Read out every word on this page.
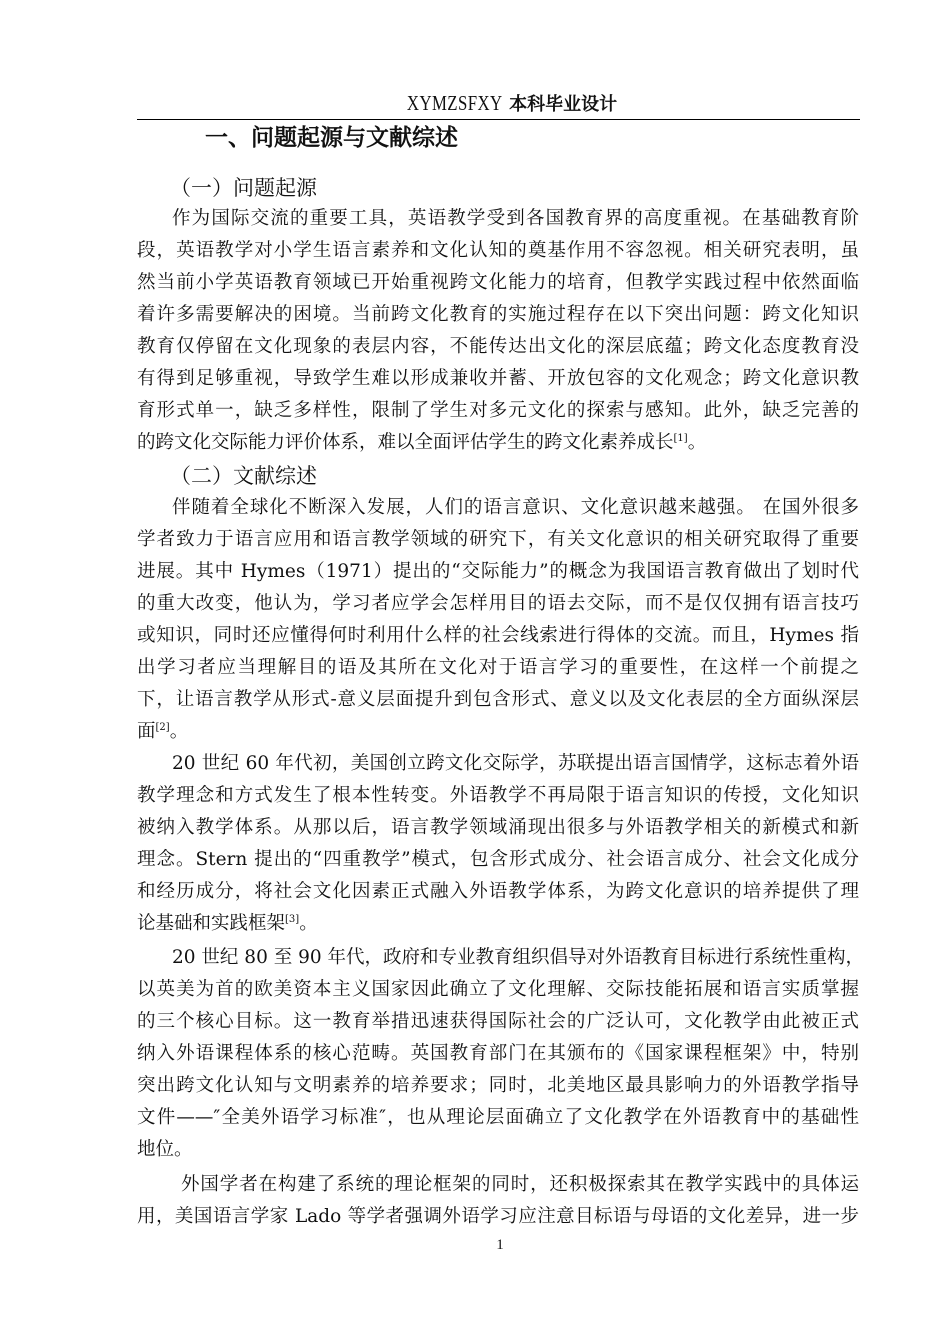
XYMZSFXY 本科毕业设计
一、问题起源与文献综述
（一）问题起源
作为国际交流的重要工具，英语教学受到各国教育界的高度重视。在基础教育阶
段，英语教学对小学生语言素养和文化认知的奠基作用不容忽视。相关研究表明，虽
然当前小学英语教育领域已开始重视跨文化能力的培育，但教学实践过程中依然面临
着许多需要解决的困境。当前跨文化教育的实施过程存在以下突出问题：跨文化知识
教育仅停留在文化现象的表层内容，不能传达出文化的深层底蕴；跨文化态度教育没
有得到足够重视，导致学生难以形成兼收并蓄、开放包容的文化观念；跨文化意识教
育形式单一，缺乏多样性，限制了学生对多元文化的探索与感知。此外，缺乏完善的
的跨文化交际能力评价体系，难以全面评估学生的跨文化素养成长[1]。
（二）文献综述
伴随着全球化不断深入发展，人们的语言意识、文化意识越来越强。 在国外很多
学者致力于语言应用和语言教学领域的研究下，有关文化意识的相关研究取得了重要
进展。其中 Hymes（1971）提出的“交际能力”的概念为我国语言教育做出了划时代
的重大改变，他认为，学习者应学会怎样用目的语去交际，而不是仅仅拥有语言技巧
或知识，同时还应懂得何时利用什么样的社会线索进行得体的交流。而且，Hymes 指
出学习者应当理解目的语及其所在文化对于语言学习的重要性，在这样一个前提之
下，让语言教学从形式-意义层面提升到包含形式、意义以及文化表层的全方面纵深层
面[2]。
20 世纪 60 年代初，美国创立跨文化交际学，苏联提出语言国情学，这标志着外语
教学理念和方式发生了根本性转变。外语教学不再局限于语言知识的传授，文化知识
被纳入教学体系。从那以后，语言教学领域涌现出很多与外语教学相关的新模式和新
理念。Stern 提出的“四重教学”模式，包含形式成分、社会语言成分、社会文化成分
和经历成分，将社会文化因素正式融入外语教学体系，为跨文化意识的培养提供了理
论基础和实践框架[3]。
20 世纪 80 至 90 年代，政府和专业教育组织倡导对外语教育目标进行系统性重构，
以英美为首的欧美资本主义国家因此确立了文化理解、交际技能拓展和语言实质掌握
的三个核心目标。这一教育举措迅速获得国际社会的广泛认可，文化教学由此被正式
纳入外语课程体系的核心范畴。英国教育部门在其颁布的《国家课程框架》中，特别
突出跨文化认知与文明素养的培养要求；同时，北美地区最具影响力的外语教学指导
文件——″全美外语学习标准″，也从理论层面确立了文化教学在外语教育中的基础性
地位。
外国学者在构建了系统的理论框架的同时，还积极探索其在教学实践中的具体运
用，美国语言学家 Lado 等学者强调外语学习应注意目标语与母语的文化差异，进一步
1
